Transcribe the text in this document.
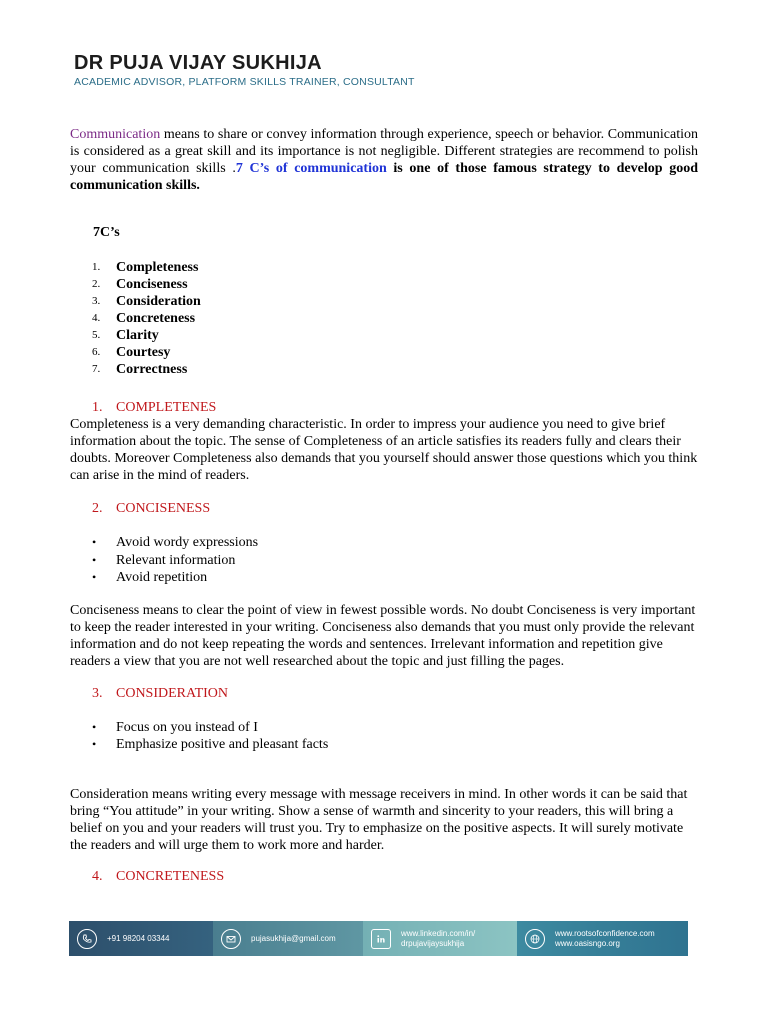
DR PUJA VIJAY SUKHIJA
ACADEMIC ADVISOR, PLATFORM SKILLS TRAINER, CONSULTANT

Communication means to share or convey information through experience, speech or behavior. Communication is considered as a great skill and its importance is not negligible. Different strategies are recommend to polish your communication skills .7 C’s of communication is one of those famous strategy to develop good communication skills.

7C’s
1.	Completeness
2.	Conciseness
3.	Consideration
4.	Concreteness
5.	Clarity
6.	Courtesy
7.	Correctness
1. COMPLETENES

Completeness is a very demanding characteristic. In order to impress your audience you need to give brief information about the topic. The sense of Completeness of an article satisfies its readers fully and clears their doubts. Moreover Completeness also demands that you yourself should answer those questions which you think can arise in the mind of readers.

2. CONCISENESS
•	Avoid wordy expressions
•	Relevant information
•	Avoid repetition

Conciseness means to clear the point of view in fewest possible words. No doubt Conciseness is very important to keep the reader interested in your writing. Conciseness also demands that you must only provide the relevant information and do not keep repeating the words and sentences. Irrelevant information and repetition give readers a view that you are not well researched about the topic and just filling the pages.

3. CONSIDERATION
•	Focus on you instead of I
•	Emphasize positive and pleasant facts

Consideration means writing every message with message receivers in mind. In other words it can be said that bring “You attitude” in your writing. Show a sense of warmth and sincerity to your readers, this will bring a belief on you and your readers will trust you. Try to emphasize on the positive aspects. It will surely motivate the readers and will urge them to work more and harder.

4. CONCRETENESS
+91 98204 03344	pujasukhija@gmail.com
www.linkedin.com/in/
drpujavijaysukhija
www.rootsofconfidence.com
www.oasisngo.org
